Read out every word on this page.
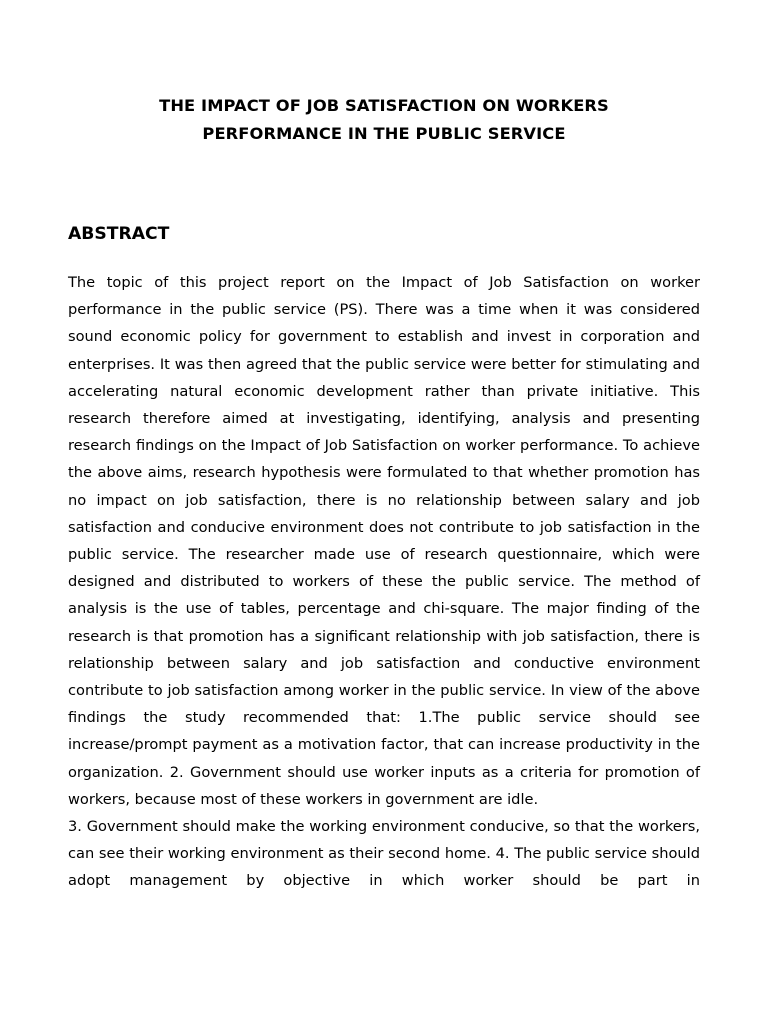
THE IMPACT OF JOB SATISFACTION ON WORKERS
PERFORMANCE IN THE PUBLIC SERVICE
ABSTRACT

The topic of this project report on the Impact of Job Satisfaction on worker performance in the public service (PS). There was a time when it was considered sound economic policy for government to establish and invest in corporation and enterprises. It was then agreed that the public service were better for stimulating and accelerating natural economic development rather than private initiative. This research therefore aimed at investigating, identifying, analysis and presenting research findings on the Impact of Job Satisfaction on worker performance. To achieve the above aims, research hypothesis were formulated to that whether promotion has no impact on job satisfaction, there is no relationship between salary and job satisfaction and conducive environment does not contribute to job satisfaction in the public service. The researcher made use of research questionnaire, which were designed and distributed to workers of these the public service. The method of analysis is the use of tables, percentage and chi-square. The major finding of the research is that promotion has a significant relationship with job satisfaction, there is relationship between salary and job satisfaction and conductive environment contribute to job satisfaction among worker in the public service. In view of the above findings the study recommended that: 1.The public service should see increase/prompt payment as a motivation factor, that can increase productivity in the organization. 2. Government should use worker inputs as a criteria for promotion of workers, because most of these workers in government are idle.

3. Government should make the working environment conducive, so that the workers, can see their working environment as their second home. 4. The public service should adopt management by objective in which worker should be part in
